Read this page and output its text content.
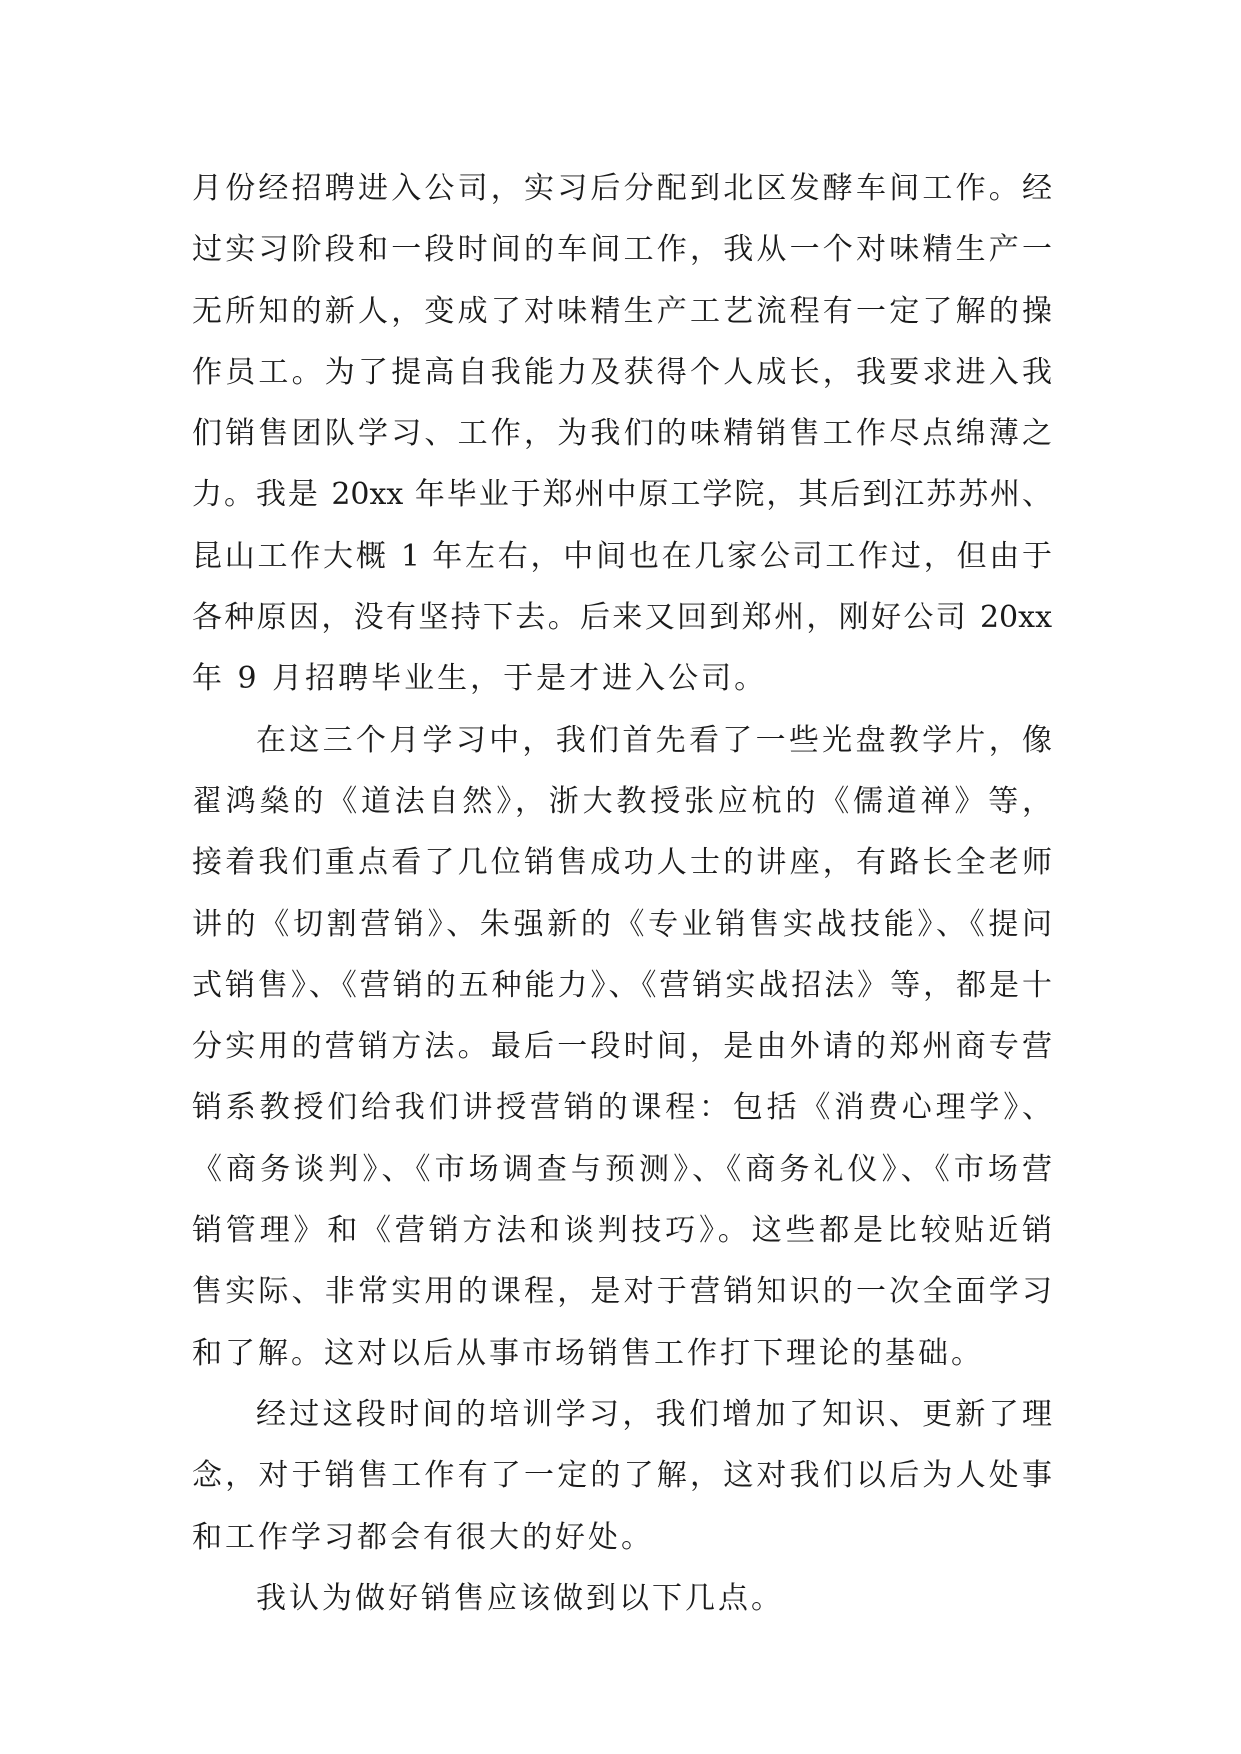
月份经招聘进入公司，实习后分配到北区发酵车间工作。经
过实习阶段和一段时间的车间工作，我从一个对味精生产一
无所知的新人，变成了对味精生产工艺流程有一定了解的操
作员工。为了提高自我能力及获得个人成长，我要求进入我
们销售团队学习、工作，为我们的味精销售工作尽点绵薄之
力。我是 20xx 年毕业于郑州中原工学院，其后到江苏苏州、
昆山工作大概 1 年左右，中间也在几家公司工作过，但由于
各种原因，没有坚持下去。后来又回到郑州，刚好公司 20xx
年 9 月招聘毕业生，于是才进入公司。
在这三个月学习中，我们首先看了一些光盘教学片，像
翟鸿燊的《道法自然》，浙大教授张应杭的《儒道禅》等，
接着我们重点看了几位销售成功人士的讲座，有路长全老师
讲的《切割营销》、朱强新的《专业销售实战技能》、《提问
式销售》、《营销的五种能力》、《营销实战招法》等，都是十
分实用的营销方法。最后一段时间，是由外请的郑州商专营
销系教授们给我们讲授营销的课程：包括《消费心理学》、
《商务谈判》、《市场调查与预测》、《商务礼仪》、《市场营
销管理》和《营销方法和谈判技巧》。这些都是比较贴近销
售实际、非常实用的课程，是对于营销知识的一次全面学习
和了解。这对以后从事市场销售工作打下理论的基础。
经过这段时间的培训学习，我们增加了知识、更新了理
念，对于销售工作有了一定的了解，这对我们以后为人处事
和工作学习都会有很大的好处。
我认为做好销售应该做到以下几点。
